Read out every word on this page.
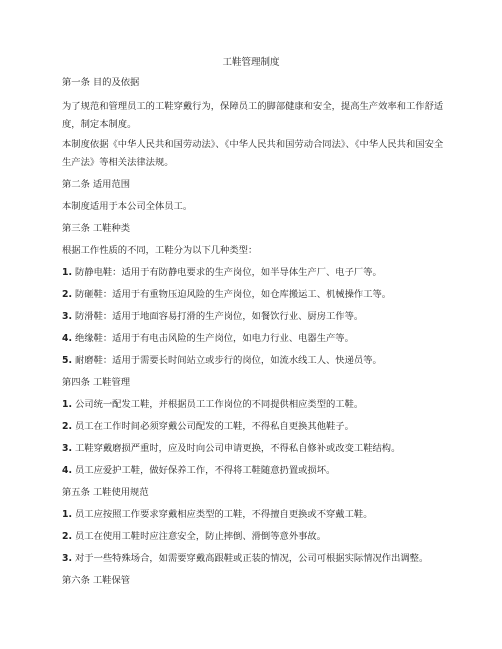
工鞋管理制度
第一条 目的及依据
为了规范和管理员工的工鞋穿戴行为，保障员工的脚部健康和安全，提高生产效率和工作舒适度，制定本制度。
本制度依据《中华人民共和国劳动法》、《中华人民共和国劳动合同法》、《中华人民共和国安全生产法》等相关法律法规。
第二条 适用范围
本制度适用于本公司全体员工。
第三条 工鞋种类
根据工作性质的不同，工鞋分为以下几种类型：
1. 防静电鞋：适用于有防静电要求的生产岗位，如半导体生产厂、电子厂等。
2. 防砸鞋：适用于有重物压迫风险的生产岗位，如仓库搬运工、机械操作工等。
3. 防滑鞋：适用于地面容易打滑的生产岗位，如餐饮行业、厨房工作等。
4. 绝缘鞋：适用于有电击风险的生产岗位，如电力行业、电器生产等。
5. 耐磨鞋：适用于需要长时间站立或步行的岗位，如流水线工人、快递员等。
第四条 工鞋管理
1. 公司统一配发工鞋，并根据员工工作岗位的不同提供相应类型的工鞋。
2. 员工在工作时间必须穿戴公司配发的工鞋，不得私自更换其他鞋子。
3. 工鞋穿戴磨损严重时，应及时向公司申请更换，不得私自修补或改变工鞋结构。
4. 员工应爱护工鞋，做好保养工作，不得将工鞋随意扔置或损坏。
第五条 工鞋使用规范
1. 员工应按照工作要求穿戴相应类型的工鞋，不得擅自更换或不穿戴工鞋。
2. 员工在使用工鞋时应注意安全，防止摔倒、滑倒等意外事故。
3. 对于一些特殊场合，如需要穿戴高跟鞋或正装的情况，公司可根据实际情况作出调整。
第六条 工鞋保管
